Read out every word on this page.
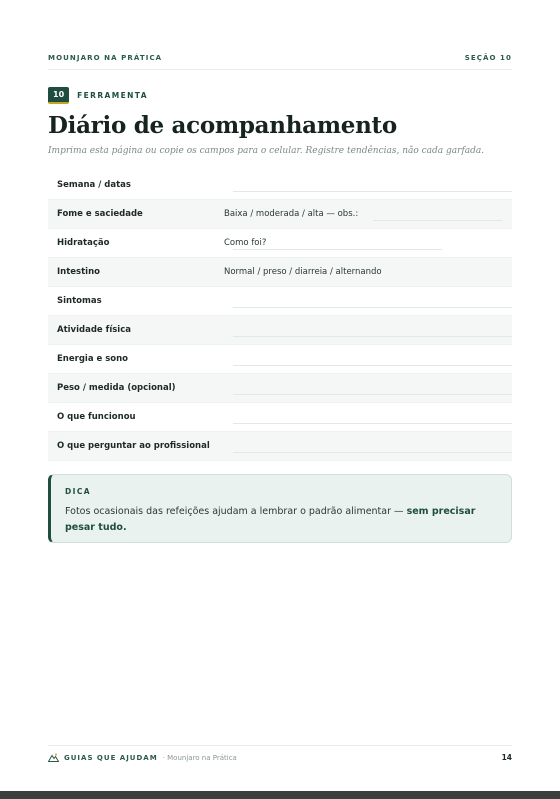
MOUNJARO NA PRÁTICA	SEÇÃO 10
10	FERRAMENTA
Diário de acompanhamento

Imprima esta página ou copie os campos para o celular. Registre tendências, não cada garfada.

Semana / datas
Fome e saciedade	Baixa / moderada / alta — obs.:
Hidratação	Como foi?
Intestino	Normal / preso / diarreia / alternando
Sintomas
Atividade física
Energia e sono
Peso / medida (opcional)
O que funcionou
O que perguntar ao profissional
DICA
Fotos ocasionais das refeições ajudam a lembrar o padrão alimentar — sem precisar pesar tudo.
GUIAS QUE AJUDAM · Mounjaro na Prática	14
